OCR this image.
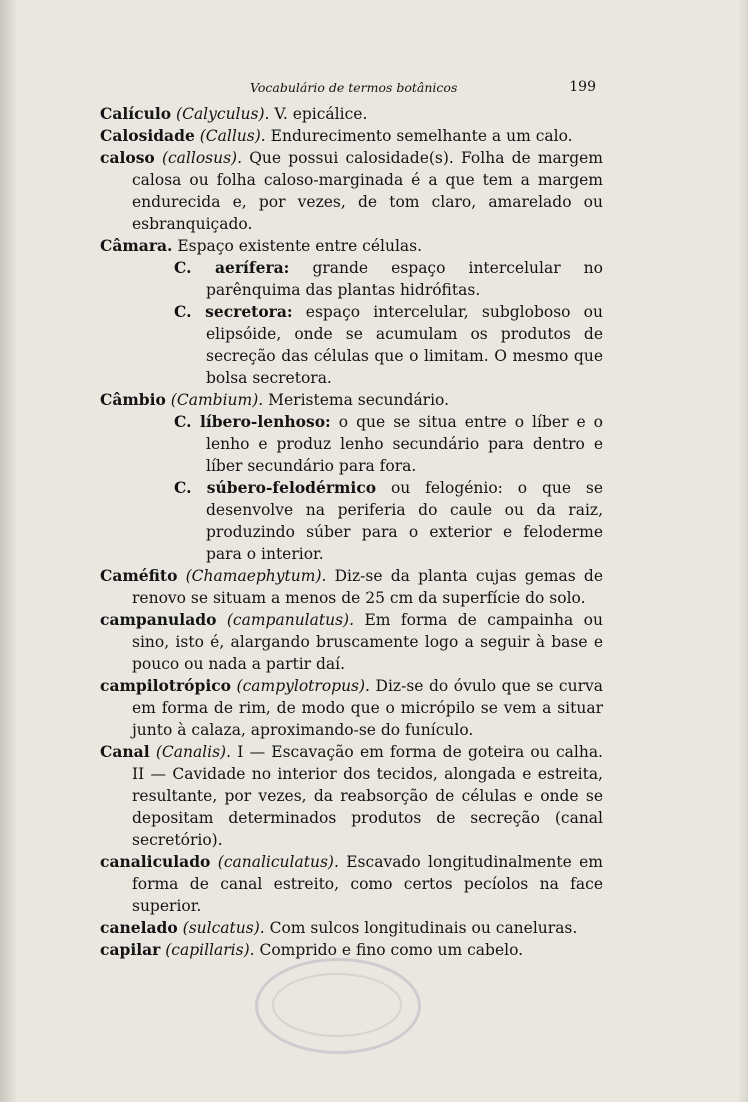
Vocabulário de termos botânicos	199

Calículo (Calyculus). V. epicálice.

Calosidade (Callus). Endurecimento semelhante a um calo.

caloso (callosus). Que possui calosidade(s). Folha de margem calosa ou folha caloso-marginada é a que tem a margem endurecida e, por vezes, de tom claro, amarelado ou esbranquiçado.

Câmara. Espaço existente entre células.

C. aerífera: grande espaço intercelular no parênquima das plantas hidrófitas.

C. secretora: espaço intercelular, subgloboso ou elipsóide, onde se acumulam os produtos de secreção das células que o limitam. O mesmo que bolsa secretora.

Câmbio (Cambium). Meristema secundário.

C. líbero-lenhoso: o que se situa entre o líber e o lenho e produz lenho secundário para dentro e líber secundário para fora.

C. súbero-felodérmico ou felogénio: o que se desenvolve na periferia do caule ou da raiz, produzindo súber para o exterior e feloderme para o interior.

Caméfito (Chamaephytum). Diz-se da planta cujas gemas de renovo se situam a menos de 25 cm da superfície do solo.

campanulado (campanulatus). Em forma de campainha ou sino, isto é, alargando bruscamente logo a seguir à base e pouco ou nada a partir daí.

campilotrópico (campylotropus). Diz-se do óvulo que se curva em forma de rim, de modo que o micrópilo se vem a situar junto à calaza, aproximando-se do funículo.

Canal (Canalis). I — Escavação em forma de goteira ou calha. II — Cavidade no interior dos tecidos, alongada e estreita, resultante, por vezes, da reabsorção de células e onde se depositam determinados produtos de secreção (canal secretório).

canaliculado (canaliculatus). Escavado longitudinalmente em forma de canal estreito, como certos pecíolos na face superior.

canelado (sulcatus). Com sulcos longitudinais ou caneluras.

capilar (capillaris). Comprido e fino como um cabelo.
